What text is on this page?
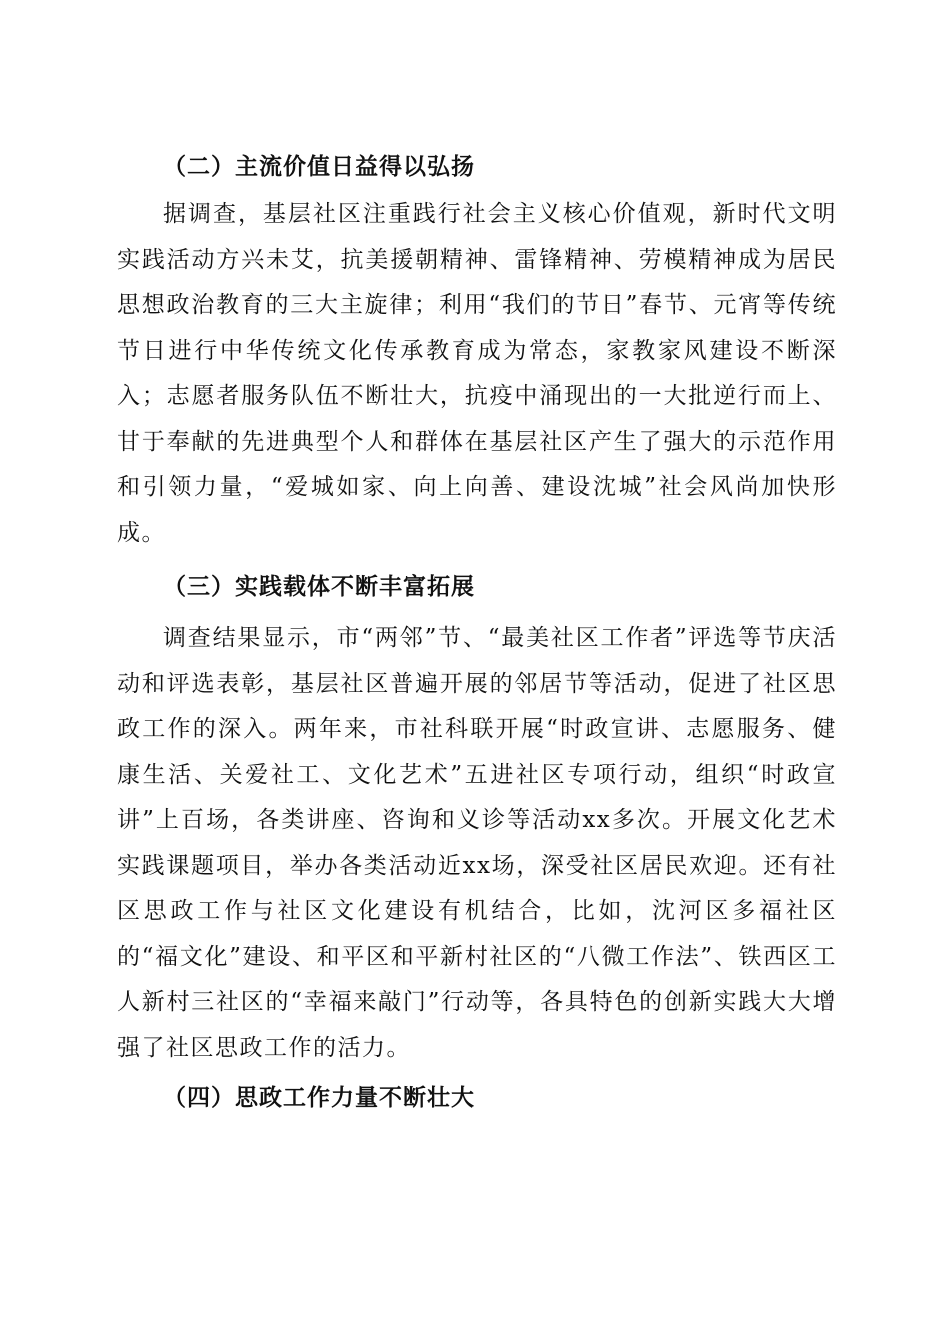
（二）主流价值日益得以弘扬

据调查，基层社区注重践行社会主义核心价值观，新时代文明实践活动方兴未艾，抗美援朝精神、雷锋精神、劳模精神成为居民思想政治教育的三大主旋律；利用“我们的节日”春节、元宵等传统节日进行中华传统文化传承教育成为常态，家教家风建设不断深入；志愿者服务队伍不断壮大，抗疫中涌现出的一大批逆行而上、甘于奉献的先进典型个人和群体在基层社区产生了强大的示范作用和引领力量，“爱城如家、向上向善、建设沈城”社会风尚加快形成。

（三）实践载体不断丰富拓展

调查结果显示，市“两邻”节、“最美社区工作者”评选等节庆活动和评选表彰，基层社区普遍开展的邻居节等活动，促进了社区思政工作的深入。两年来，市社科联开展“时政宣讲、志愿服务、健康生活、关爱社工、文化艺术”五进社区专项行动，组织“时政宣讲”上百场，各类讲座、咨询和义诊等活动xx多次。开展文化艺术实践课题项目，举办各类活动近xx场，深受社区居民欢迎。还有社区思政工作与社区文化建设有机结合，比如，沈河区多福社区的“福文化”建设、和平区和平新村社区的“八微工作法”、铁西区工人新村三社区的“幸福来敲门”行动等，各具特色的创新实践大大增强了社区思政工作的活力。

（四）思政工作力量不断壮大
